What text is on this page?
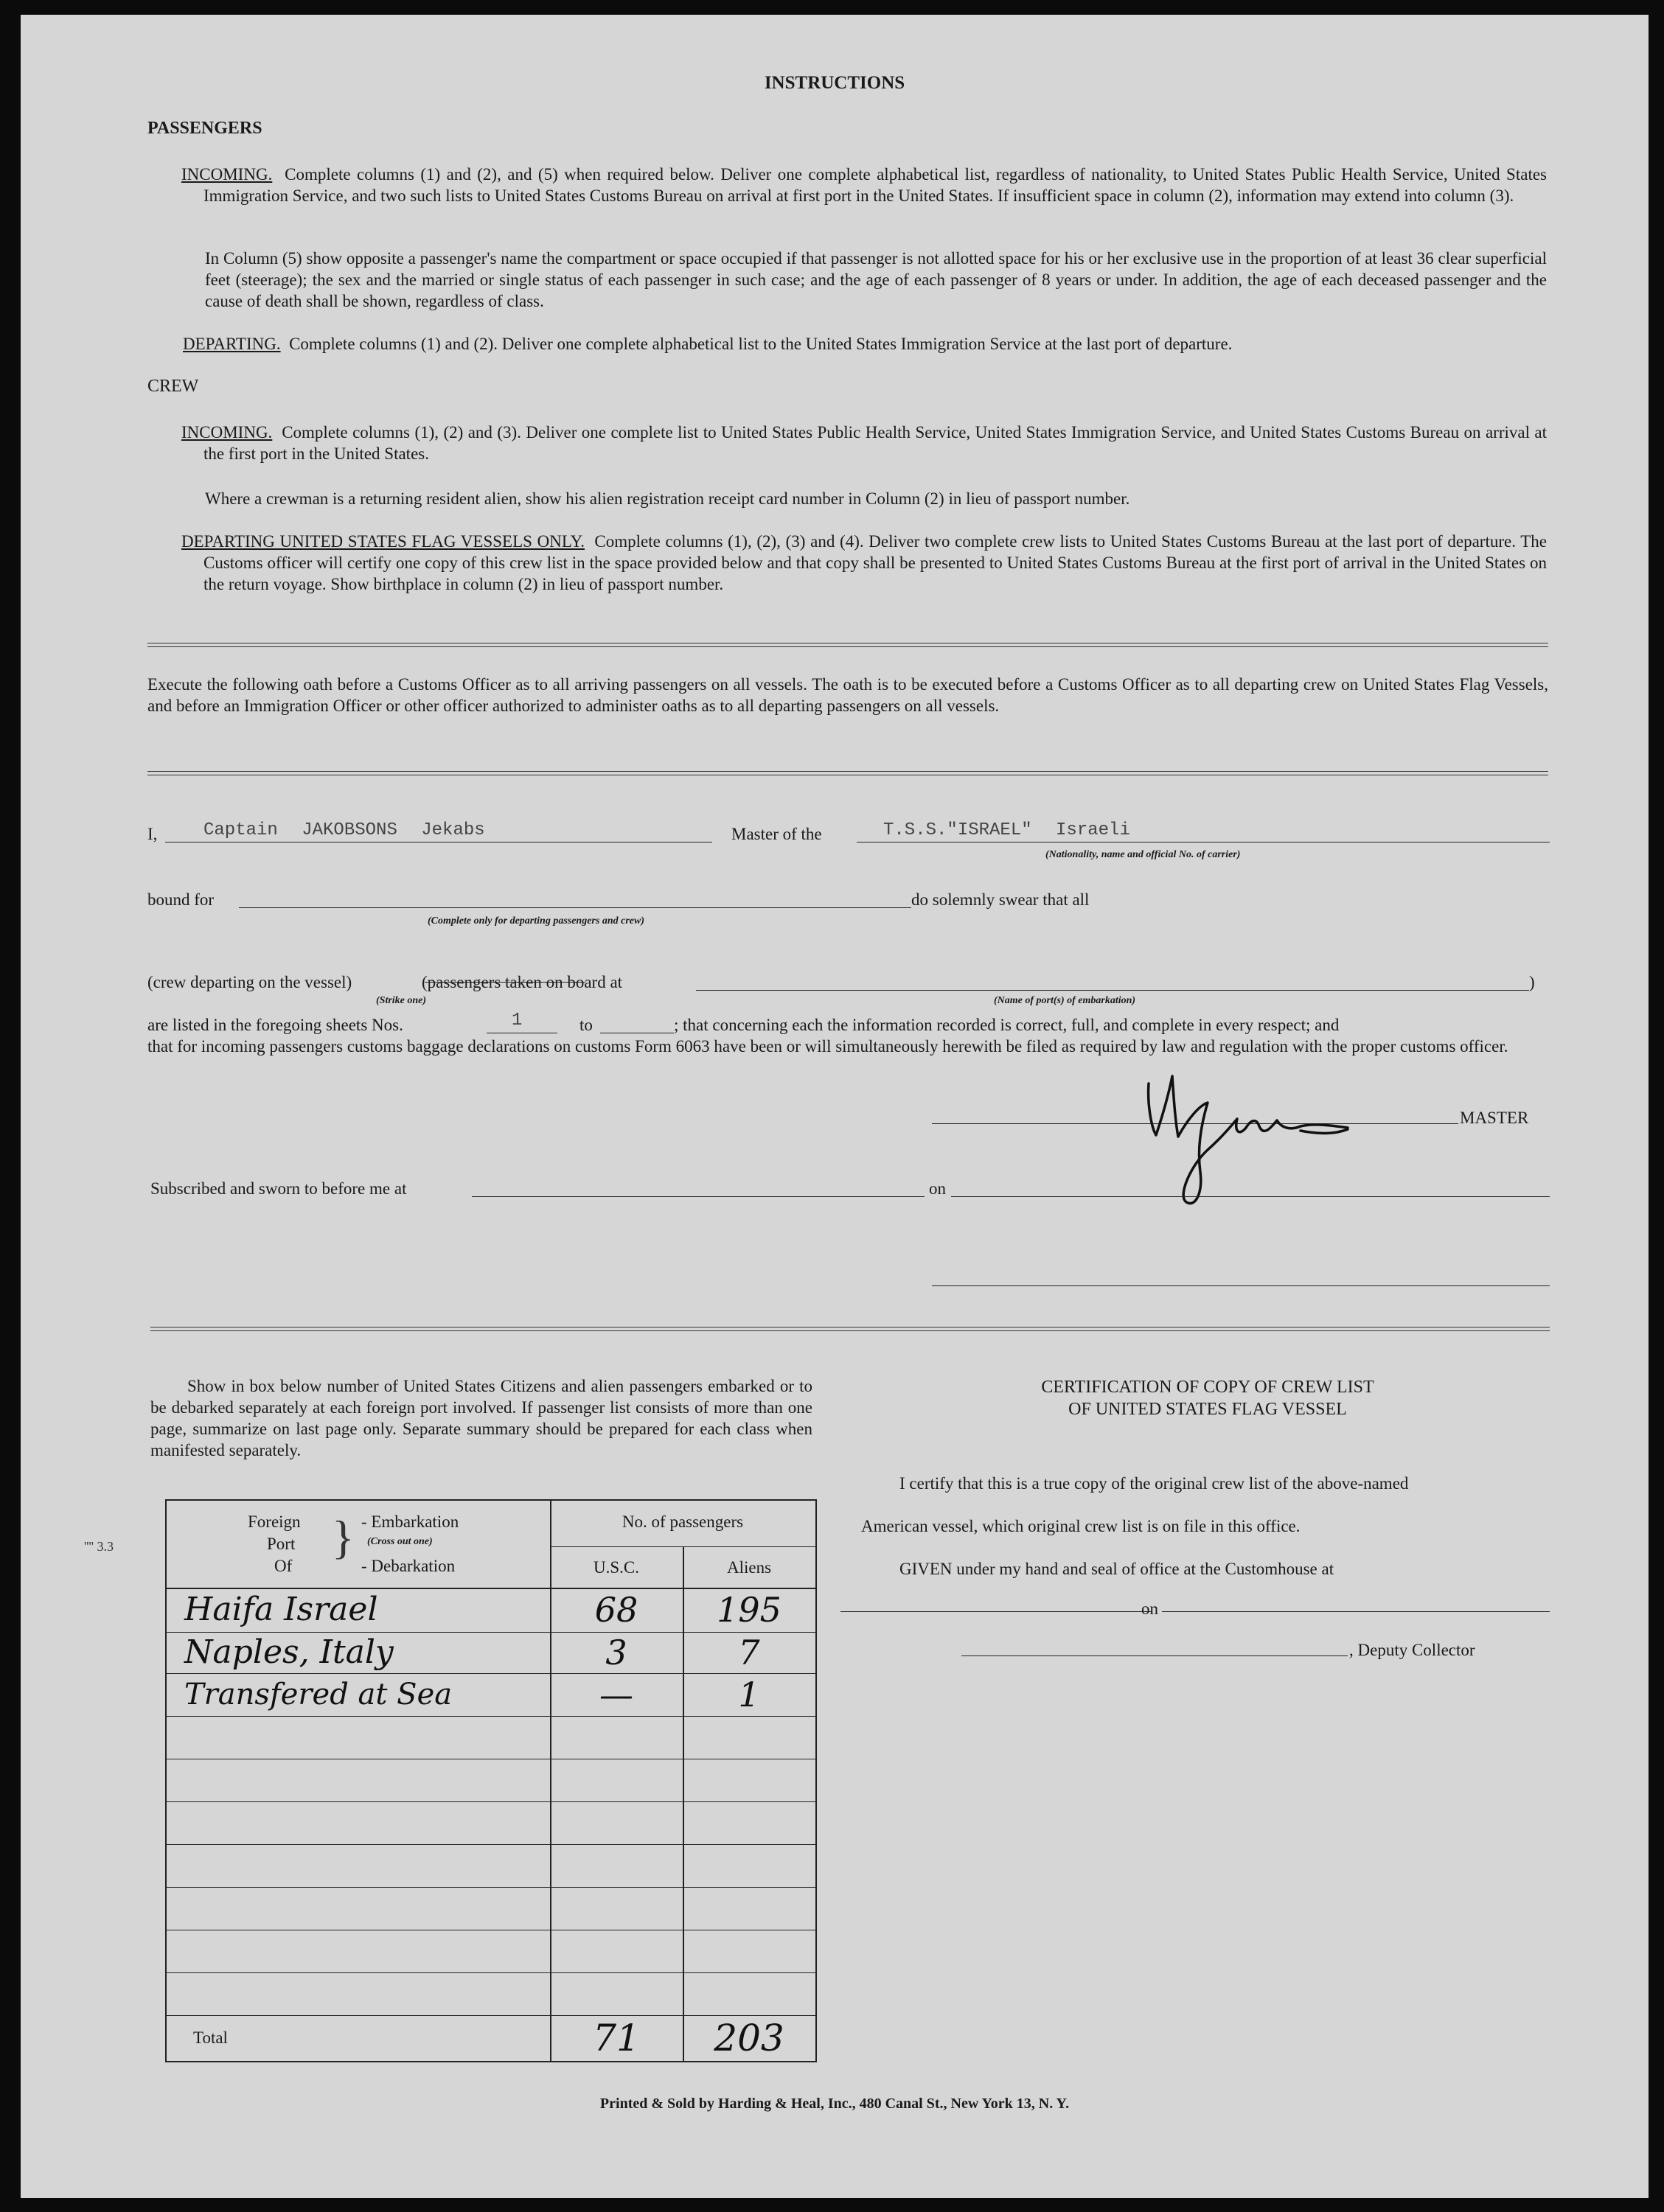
INSTRUCTIONS
PASSENGERS
INCOMING. Complete columns (1) and (2), and (5) when required below. Deliver one complete alphabetical list, regardless of nationality, to United States Public Health Service, United States Immigration Service, and two such lists to United States Customs Bureau on arrival at first port in the United States. If insufficient space in column (2), information may extend into column (3).
In Column (5) show opposite a passenger's name the compartment or space occupied if that passenger is not allotted space for his or her exclusive use in the proportion of at least 36 clear superficial feet (steerage); the sex and the married or single status of each passenger in such case; and the age of each passenger of 8 years or under. In addition, the age of each deceased passenger and the cause of death shall be shown, regardless of class.
DEPARTING. Complete columns (1) and (2). Deliver one complete alphabetical list to the United States Immigration Service at the last port of departure.
CREW
INCOMING. Complete columns (1), (2) and (3). Deliver one complete list to United States Public Health Service, United States Immigration Service, and United States Customs Bureau on arrival at the first port in the United States.
Where a crewman is a returning resident alien, show his alien registration receipt card number in Column (2) in lieu of passport number.
DEPARTING UNITED STATES FLAG VESSELS ONLY. Complete columns (1), (2), (3) and (4). Deliver two complete crew lists to United States Customs Bureau at the last port of departure. The Customs officer will certify one copy of this crew list in the space provided below and that copy shall be presented to United States Customs Bureau at the first port of arrival in the United States on the return voyage. Show birthplace in column (2) in lieu of passport number.
Execute the following oath before a Customs Officer as to all arriving passengers on all vessels. The oath is to be executed before a Customs Officer as to all departing crew on United States Flag Vessels, and before an Immigration Officer or other officer authorized to administer oaths as to all departing passengers on all vessels.
I,	Captain JAKOBSONS Jekabs	Master of the	T.S.S."ISRAEL" Israeli
(Nationality, name and official No. of carrier)
bound for
(Complete only for departing passengers and crew)
do solemnly swear that all
(crew departing on the vessel)	(passengers taken on board at	)
(Strike one)	(Name of port(s) of embarkation)
are listed in the foregoing sheets Nos.	1	to	; that concerning each the information recorded is correct, full, and complete in every respect; and
that for incoming passengers customs baggage declarations on customs Form 6063 have been or will simultaneously herewith be filed as required by law and regulation with the proper customs officer.
MASTER
Subscribed and sworn to before me at	on
Show in box below number of United States Citizens and alien passengers embarked or to be debarked separately at each foreign port involved. If passenger list consists of more than one page, summarize on last page only. Separate summary should be prepared for each class when manifested separately.
'''' 3.3
Foreign
Port
Of
} - Embarkation
(Cross out one)
- Debarkation
No. of passengers
U.S.C.	Aliens
Haifa Israel	68	195
Naples, Italy	3	7
Transfered at Sea	—	1
Total	71	203
CERTIFICATION OF COPY OF CREW LIST
OF UNITED STATES FLAG VESSEL
I certify that this is a true copy of the original crew list of the above-named
American vessel, which original crew list is on file in this office.
GIVEN under my hand and seal of office at the Customhouse at
on
, Deputy Collector
Printed & Sold by Harding & Heal, Inc., 480 Canal St., New York 13, N. Y.
